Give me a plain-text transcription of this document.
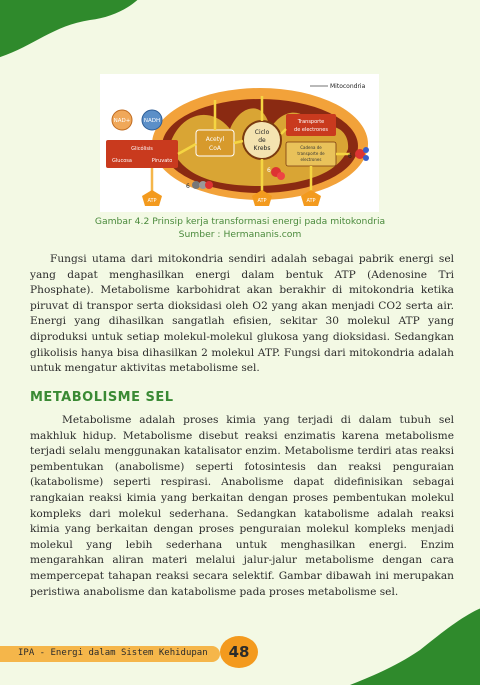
Mitocondria
NAD+ NADH
Glicólisis
Glucosa	Piruvato
Acetyl
CoA
Ciclo
de
Krebs
Transporte
de electrones
Cadena de
transporte de
electrones
ATP	ATP	ATP
6
6
6
Gambar 4.2 Prinsip kerja transformasi energi pada mitokondria
Sumber : Hermananis.com

Fungsi utama dari mitokondria sendiri adalah sebagai pabrik energi sel yang dapat menghasilkan energi dalam bentuk ATP (Adenosine Tri Phosphate). Metabolisme karbohidrat akan berakhir di mitokondria ketika piruvat di transpor serta dioksidasi oleh O2 yang akan menjadi CO2 serta air. Energi yang dihasilkan sangatlah efisien, sekitar 30 molekul ATP yang diproduksi untuk setiap molekul-molekul glukosa yang dioksidasi. Sedangkan glikolisis hanya bisa dihasilkan 2 molekul ATP. Fungsi dari mitokondria adalah untuk mengatur aktivitas metabolisme sel.

METABOLISME SEL

Metabolisme adalah proses kimia yang terjadi di dalam tubuh sel makhluk hidup. Metabolisme disebut reaksi enzimatis karena metabolisme terjadi selalu menggunakan katalisator enzim. Metabolisme terdiri atas reaksi pembentukan (anabolisme) seperti fotosintesis dan reaksi penguraian (katabolisme) seperti respirasi. Anabolisme dapat didefinisikan sebagai rangkaian reaksi kimia yang berkaitan dengan proses pembentukan molekul kompleks dari molekul sederhana. Sedangkan katabolisme adalah reaksi kimia yang berkaitan dengan proses penguraian molekul kompleks menjadi molekul yang lebih sederhana untuk menghasilkan energi. Enzim mengarahkan aliran materi melalui jalur-jalur metabolisme dengan cara mempercepat tahapan reaksi secara selektif. Gambar dibawah ini merupakan peristiwa anabolisme dan katabolisme pada proses metabolisme sel.

IPA - Energi dalam Sistem Kehidupan	48
